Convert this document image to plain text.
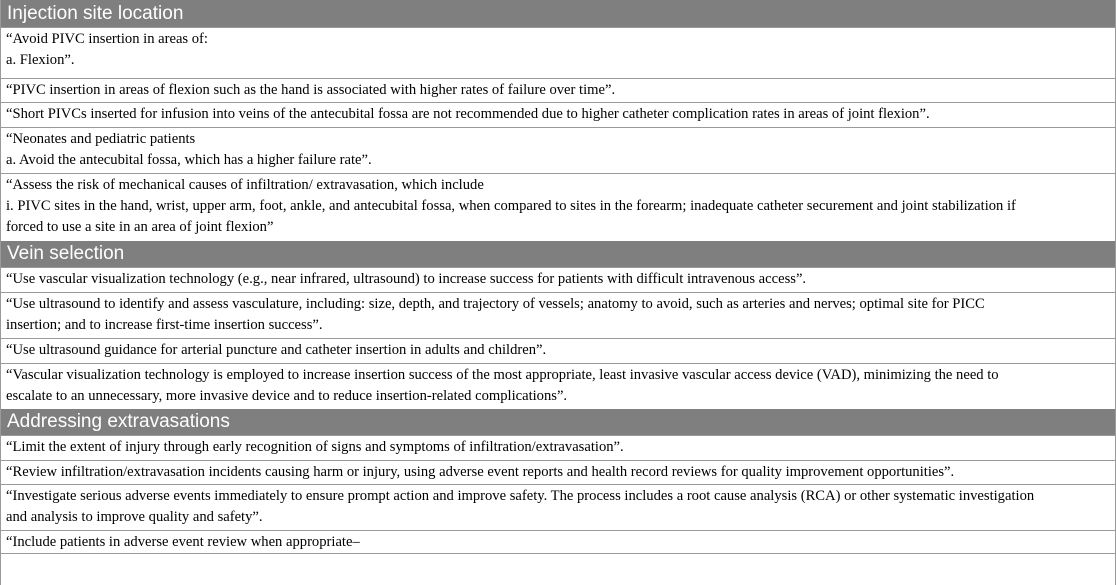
Injection site location
“Avoid PIVC insertion in areas of:
a. Flexion”.
“PIVC insertion in areas of flexion such as the hand is associated with higher rates of failure over time”.
“Short PIVCs inserted for infusion into veins of the antecubital fossa are not recommended due to higher catheter complication rates in areas of joint flexion”.
“Neonates and pediatric patients
a. Avoid the antecubital fossa, which has a higher failure rate”.
“Assess the risk of mechanical causes of infiltration/ extravasation, which include
i. PIVC sites in the hand, wrist, upper arm, foot, ankle, and antecubital fossa, when compared to sites in the forearm; inadequate catheter securement and joint stabilization if
forced to use a site in an area of joint flexion”
Vein selection
“Use vascular visualization technology (e.g., near infrared, ultrasound) to increase success for patients with difficult intravenous access”.
“Use ultrasound to identify and assess vasculature, including: size, depth, and trajectory of vessels; anatomy to avoid, such as arteries and nerves; optimal site for PICC
insertion; and to increase first-time insertion success”.
“Use ultrasound guidance for arterial puncture and catheter insertion in adults and children”.
“Vascular visualization technology is employed to increase insertion success of the most appropriate, least invasive vascular access device (VAD), minimizing the need to
escalate to an unnecessary, more invasive device and to reduce insertion-related complications”.
Addressing extravasations
“Limit the extent of injury through early recognition of signs and symptoms of infiltration/extravasation”.
“Review infiltration/extravasation incidents causing harm or injury, using adverse event reports and health record reviews for quality improvement opportunities”.
“Investigate serious adverse events immediately to ensure prompt action and improve safety. The process includes a root cause analysis (RCA) or other systematic investigation
and analysis to improve quality and safety”.
“Include patients in adverse event review when appropriate–
